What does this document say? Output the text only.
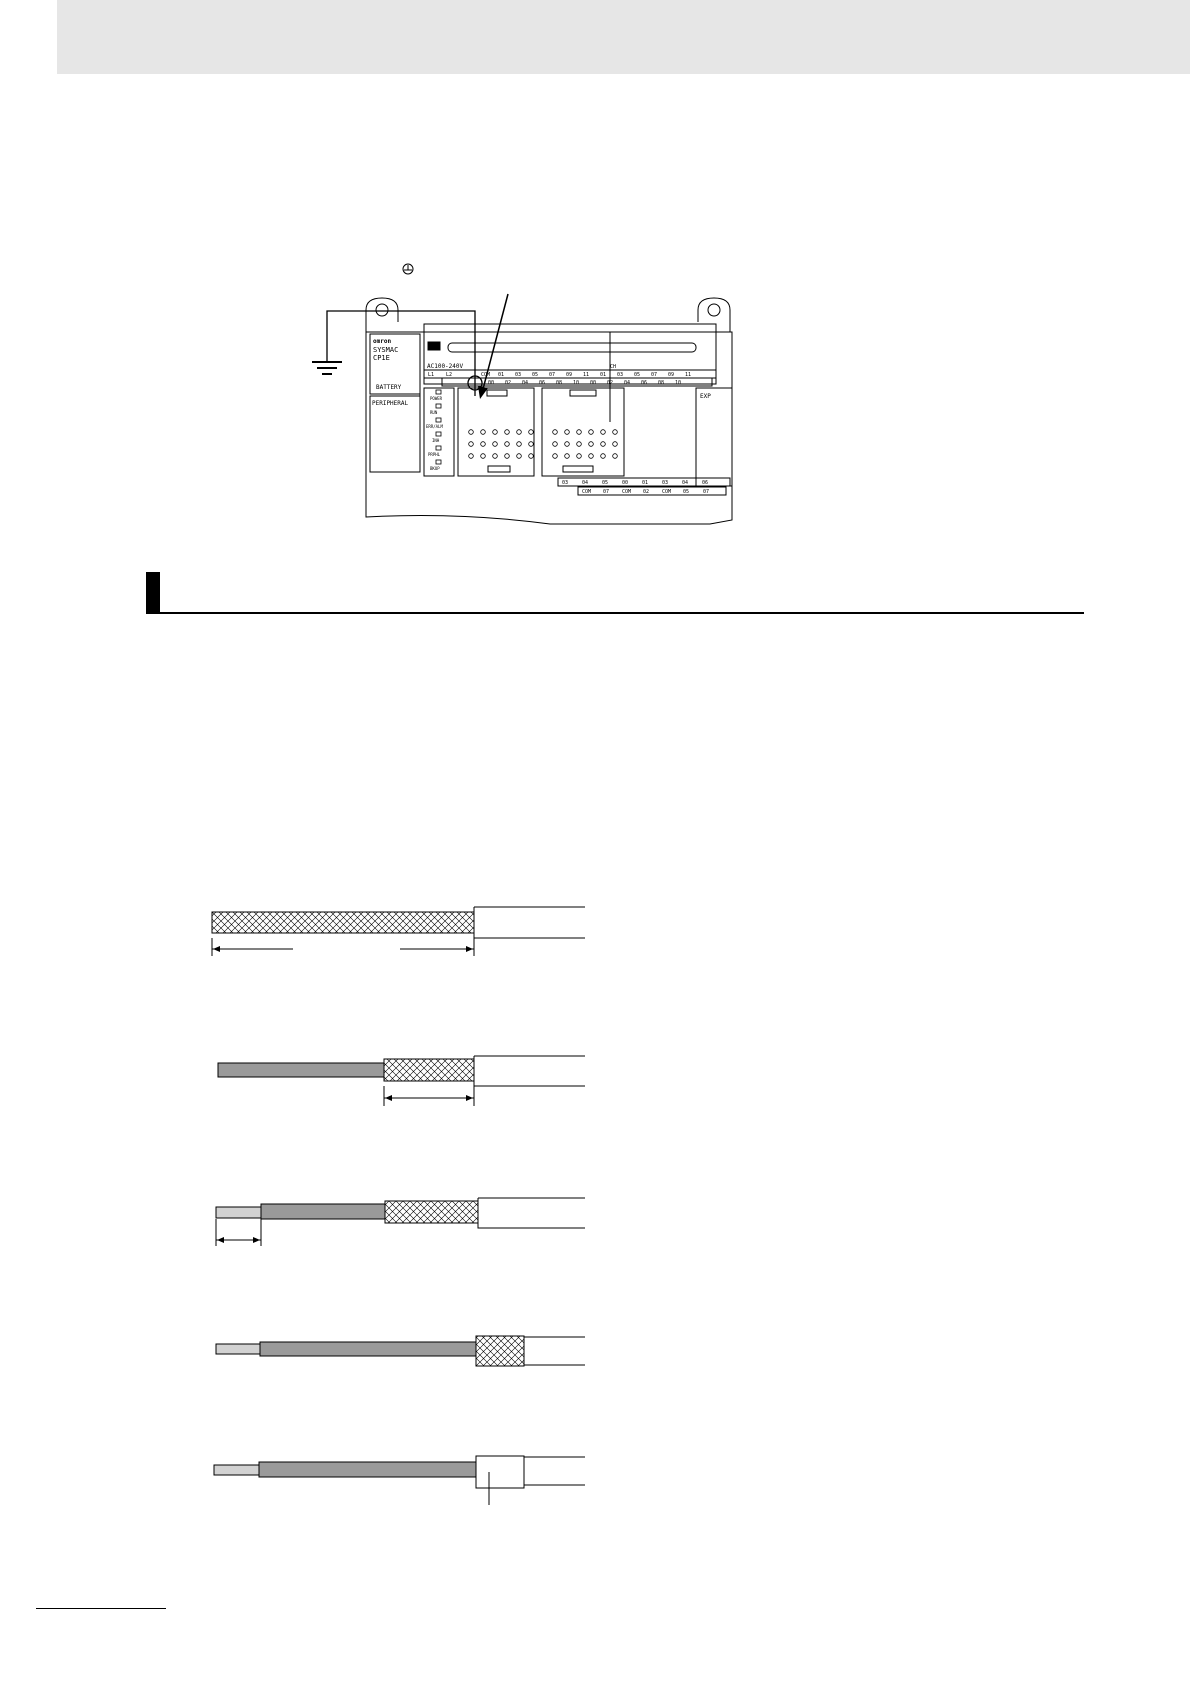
omron
SYSMAC
CP1E
BATTERY
PERIPHERAL
AC100-240V	CH
EXP
POWER
RUN
ERR/ALM
INH
PRPHL
BKUP
L1 L2	COM 01 03 05 07 09 11 01 03 05 07 09 11
00 02 04 06 08 10 00 02 04 06 08 10
03	04	05	00	01	03	04	06
COM 07	COM 02	COM 05	07
